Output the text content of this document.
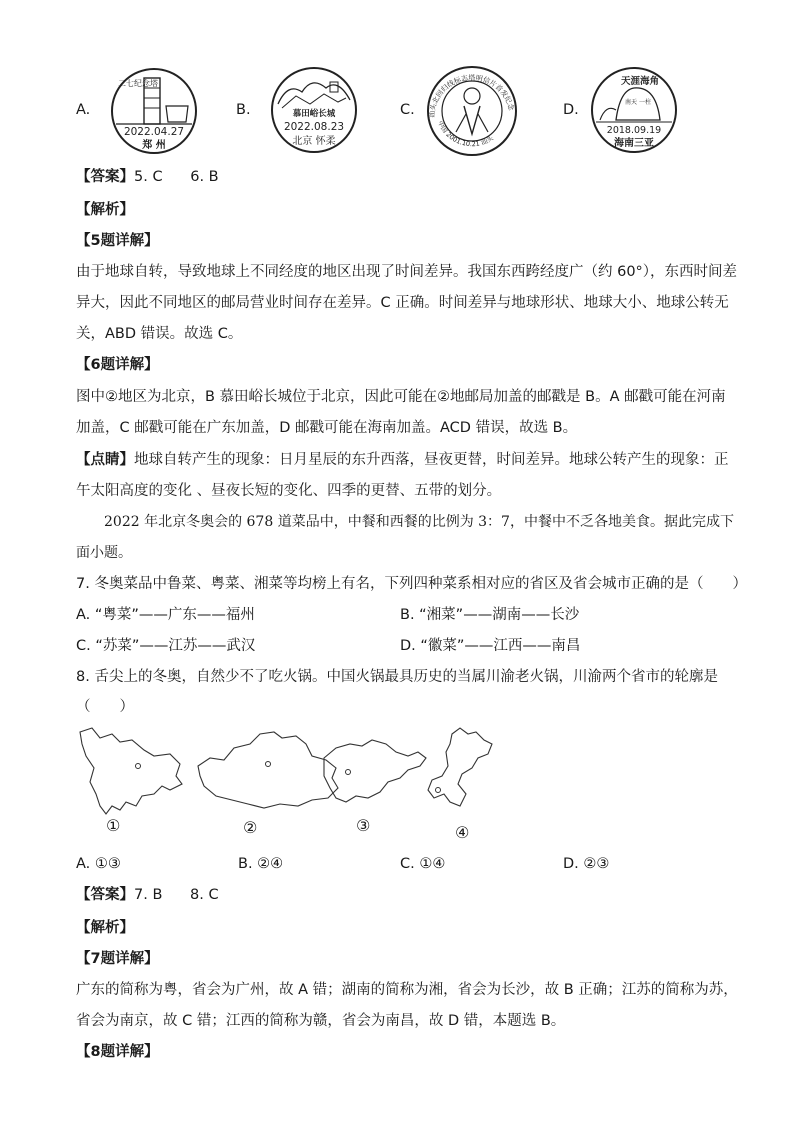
A.	B.	C.	D.
二七纪念塔
2022.04.27
郑 州
慕田峪长城
2022.08.23
北京 怀柔
汕头北回归线标志塔明信片首发纪念
中国 2001.10.21 汕头
天涯海角
南天 一柱
2018.09.19
海南三亚
【答案】5. C      6. B
【解析】
【5题详解】
由于地球自转，导致地球上不同经度的地区出现了时间差异。我国东西跨经度广（约 60°），东西时间差
异大，因此不同地区的邮局营业时间存在差异。C 正确。时间差异与地球形状、地球大小、地球公转无
关，ABD 错误。故选 C。
【6题详解】
图中②地区为北京，B 慕田峪长城位于北京，因此可能在②地邮局加盖的邮戳是 B。A 邮戳可能在河南
加盖，C 邮戳可能在广东加盖，D 邮戳可能在海南加盖。ACD 错误，故选 B。
【点睛】地球自转产生的现象：日月星辰的东升西落，昼夜更替，时间差异。地球公转产生的现象：正
午太阳高度的变化 、昼夜长短的变化、四季的更替、五带的划分。
2022 年北京冬奥会的 678 道菜品中，中餐和西餐的比例为 3：7，中餐中不乏各地美食。据此完成下
面小题。
7. 冬奥菜品中鲁菜、粤菜、湘菜等均榜上有名，下列四种菜系相对应的省区及省会城市正确的是（　　）
A. “粤菜”——广东——福州	B. “湘菜”——湖南——长沙
C. “苏菜”——江苏——武汉	D. “徽菜”——江西——南昌
8. 舌尖上的冬奥，自然少不了吃火锅。中国火锅最具历史的当属川渝老火锅，川渝两个省市的轮廓是
（　　）
①	②	③	④
A. ①③	B. ②④	C. ①④	D. ②③
【答案】7. B      8. C
【解析】
【7题详解】
广东的简称为粤，省会为广州，故 A 错；湖南的简称为湘，省会为长沙，故 B 正确；江苏的简称为苏，
省会为南京，故 C 错；江西的简称为赣，省会为南昌，故 D 错，本题选 B。
【8题详解】
